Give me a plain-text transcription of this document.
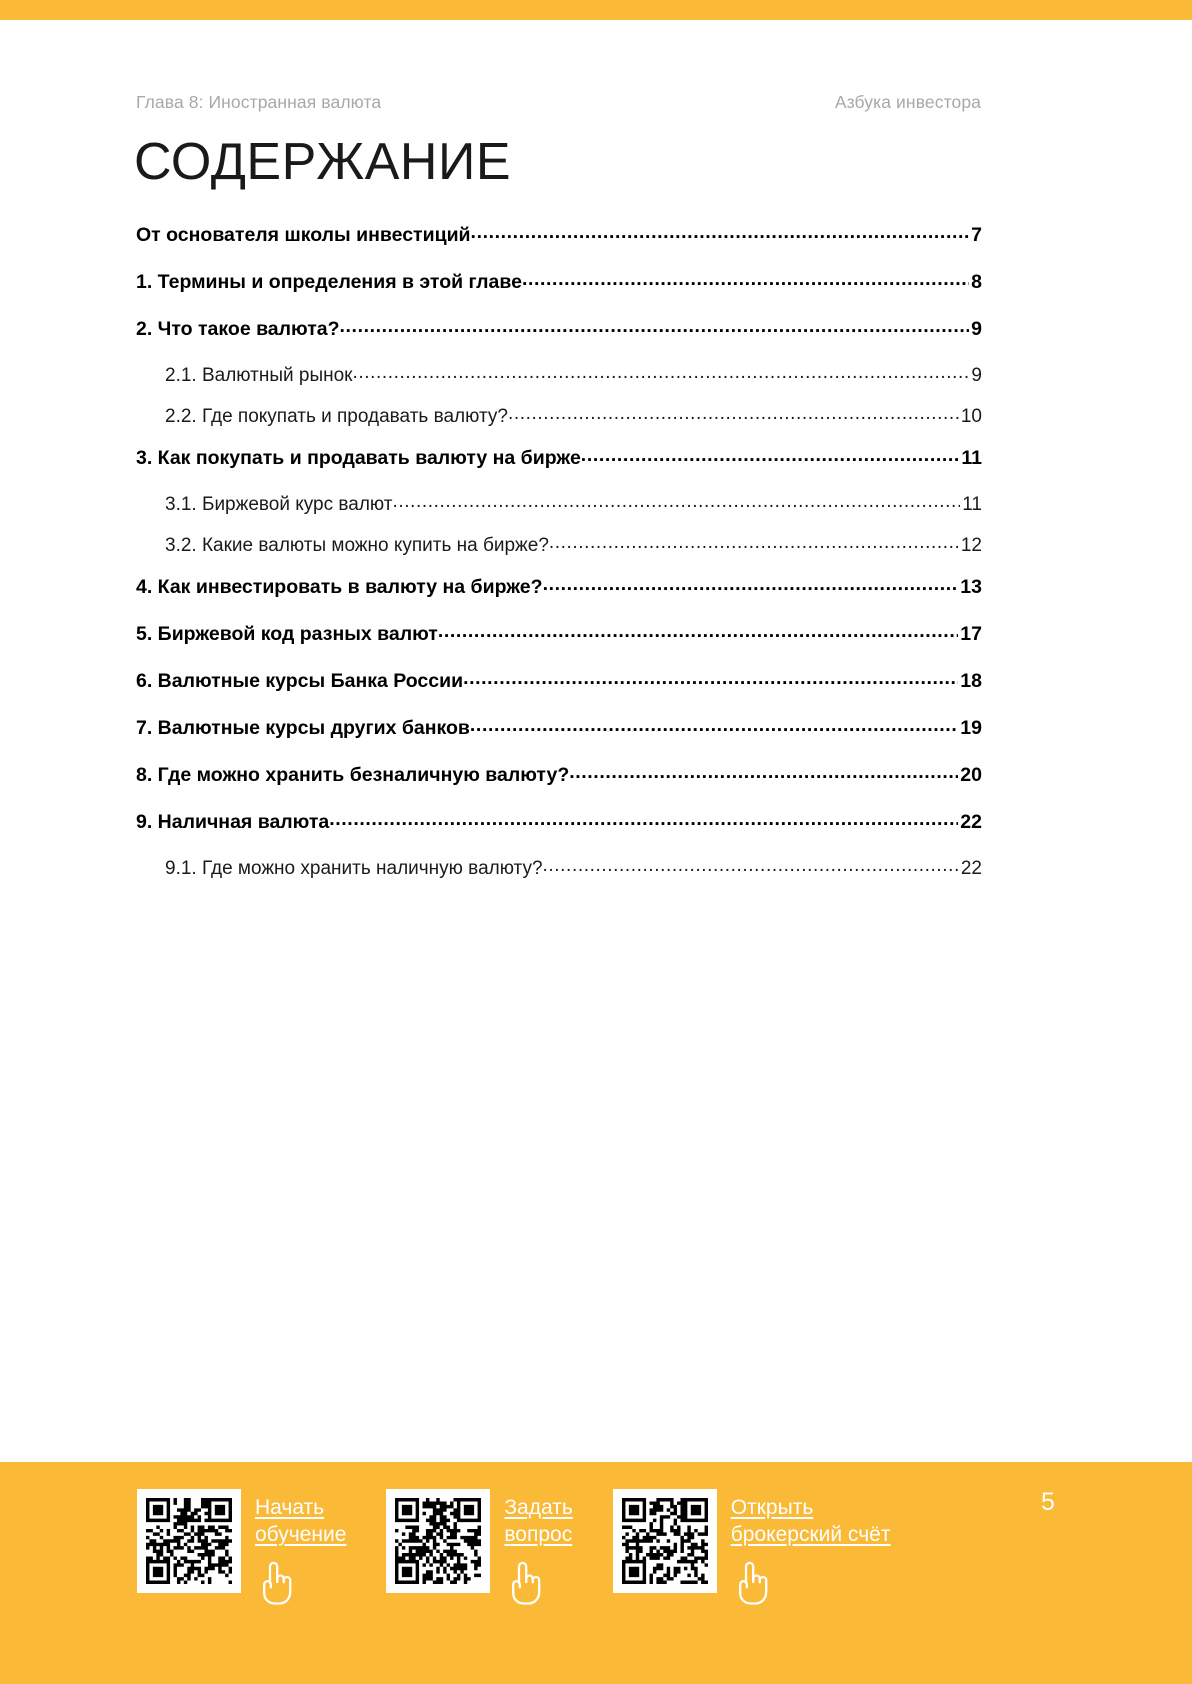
Глава 8: Иностранная валюта	Азбука инвестора
СОДЕРЖАНИЕ
От основателя школы инвестиций .....	7
1. Термины и определения в этой главе .....	8
2. Что такое валюта? .....	9
2.1. Валютный рынок .....	9
2.2. Где покупать и продавать валюту? .....	10
3. Как покупать и продавать валюту на бирже .....	11
3.1. Биржевой курс валют .....	11
3.2. Какие валюты можно купить на бирже? .....	12
4. Как инвестировать в валюту на бирже? .....	13
5. Биржевой код разных валют .....	17
6. Валютные курсы Банка России .....	18
7. Валютные курсы других банков .....	19
8. Где можно хранить безналичную валюту? .....	20
9. Наличная валюта .....	22
9.1. Где можно хранить наличную валюту? .....	22
Начать
обучение
Задать
вопрос
Открыть
брокерский счёт
5
